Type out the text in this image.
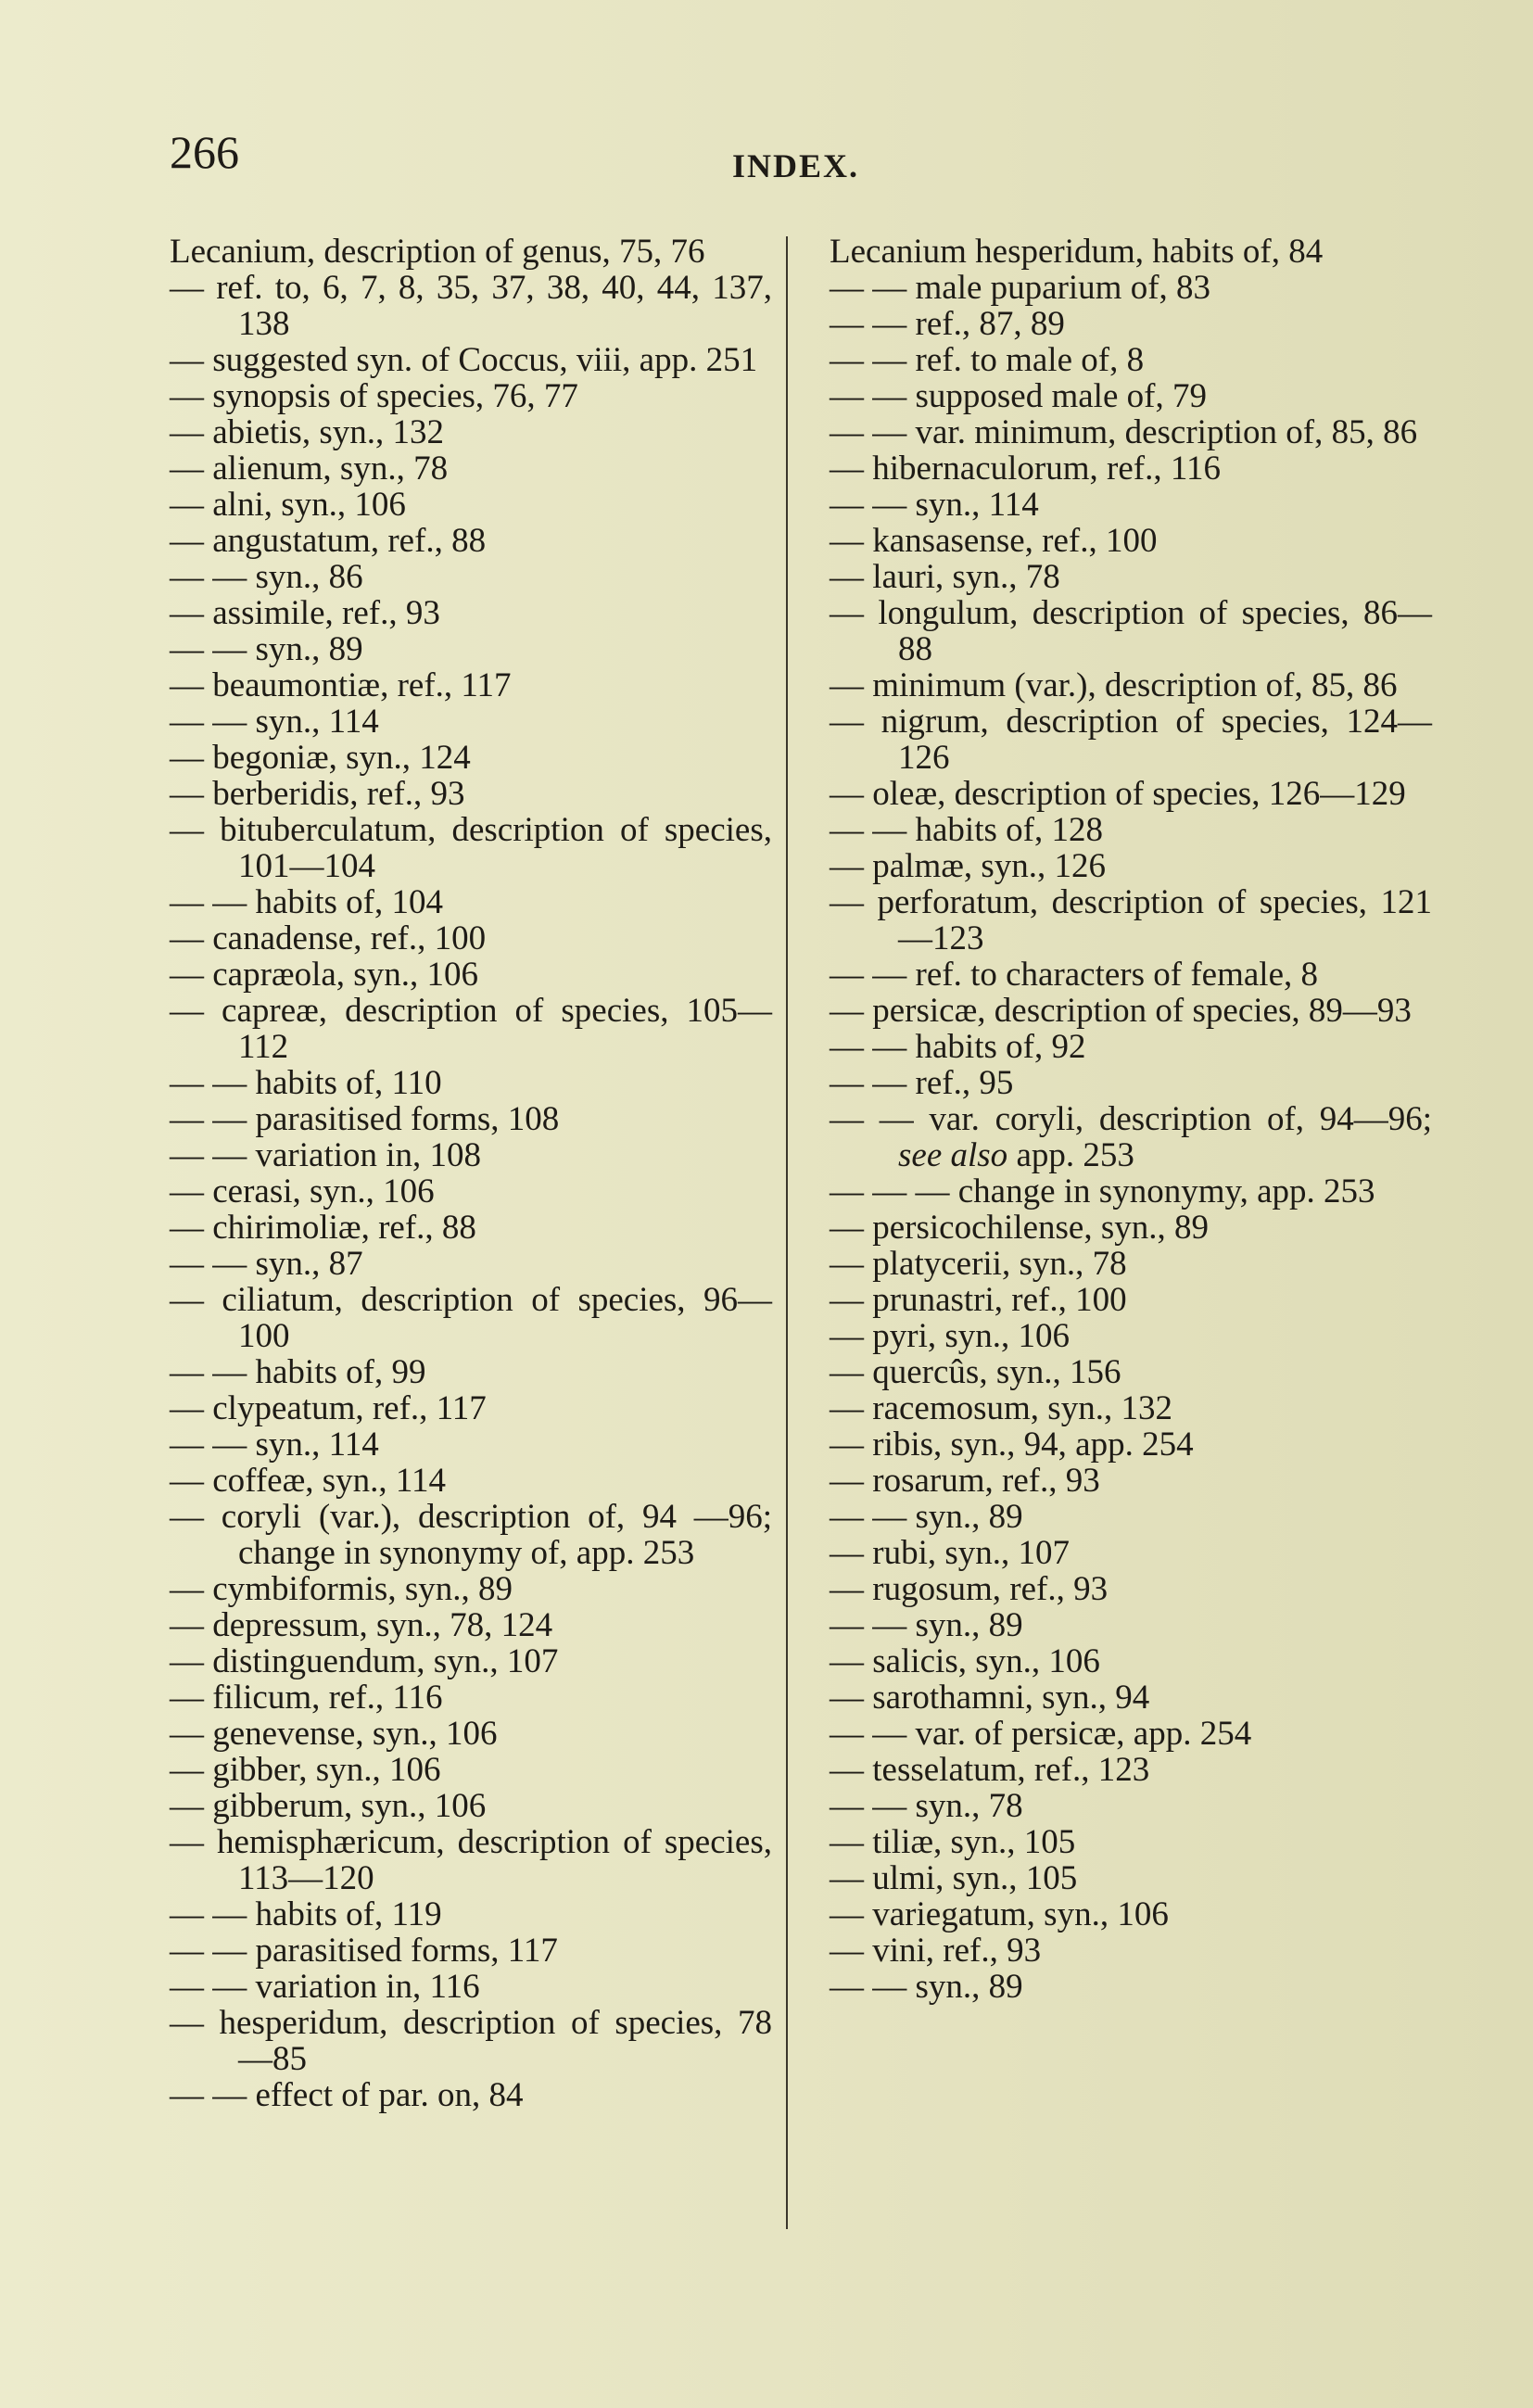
266	INDEX.

Lecanium, description of genus, 75, 76

— ref. to, 6, 7, 8, 35, 37, 38, 40, 44, 137, 138

— suggested syn. of Coccus, viii, app. 251

— synopsis of species, 76, 77

— abietis, syn., 132

— alienum, syn., 78

— alni, syn., 106

— angustatum, ref., 88

— — syn., 86

— assimile, ref., 93

— — syn., 89

— beaumontiæ, ref., 117

— — syn., 114

— begoniæ, syn., 124

— berberidis, ref., 93

— bituberculatum, description of species, 101—104

— — habits of, 104

— canadense, ref., 100

— capræola, syn., 106

— capreæ, description of species, 105—112

— — habits of, 110

— — parasitised forms, 108

— — variation in, 108

— cerasi, syn., 106

— chirimoliæ, ref., 88

— — syn., 87

— ciliatum, description of species, 96—100

— — habits of, 99

— clypeatum, ref., 117

— — syn., 114

— coffeæ, syn., 114

— coryli (var.), description of, 94 —96; change in synonymy of, app. 253

— cymbiformis, syn., 89

— depressum, syn., 78, 124

— distinguendum, syn., 107

— filicum, ref., 116

— genevense, syn., 106

— gibber, syn., 106

— gibberum, syn., 106

— hemisphæricum, description of species, 113—120

— — habits of, 119

— — parasitised forms, 117

— — variation in, 116

— hesperidum, description of species, 78—85

— — effect of par. on, 84

Lecanium hesperidum, habits of, 84

— — male puparium of, 83

— — ref., 87, 89

— — ref. to male of, 8

— — supposed male of, 79

— — var. minimum, description of, 85, 86

— hibernaculorum, ref., 116

— — syn., 114

— kansasense, ref., 100

— lauri, syn., 78

— longulum, description of species, 86—88

— minimum (var.), description of, 85, 86

— nigrum, description of species, 124—126

— oleæ, description of species, 126—129

— — habits of, 128

— palmæ, syn., 126

— perforatum, description of species, 121—123

— — ref. to characters of female, 8

— persicæ, description of species, 89—93

— — habits of, 92

— — ref., 95

— — var. coryli, description of, 94—96; see also app. 253

— — — change in synonymy, app. 253

— persicochilense, syn., 89

— platycerii, syn., 78

— prunastri, ref., 100

— pyri, syn., 106

— quercûs, syn., 156

— racemosum, syn., 132

— ribis, syn., 94, app. 254

— rosarum, ref., 93

— — syn., 89

— rubi, syn., 107

— rugosum, ref., 93

— — syn., 89

— salicis, syn., 106

— sarothamni, syn., 94

— — var. of persicæ, app. 254

— tesselatum, ref., 123

— — syn., 78

— tiliæ, syn., 105

— ulmi, syn., 105

— variegatum, syn., 106

— vini, ref., 93

— — syn., 89
